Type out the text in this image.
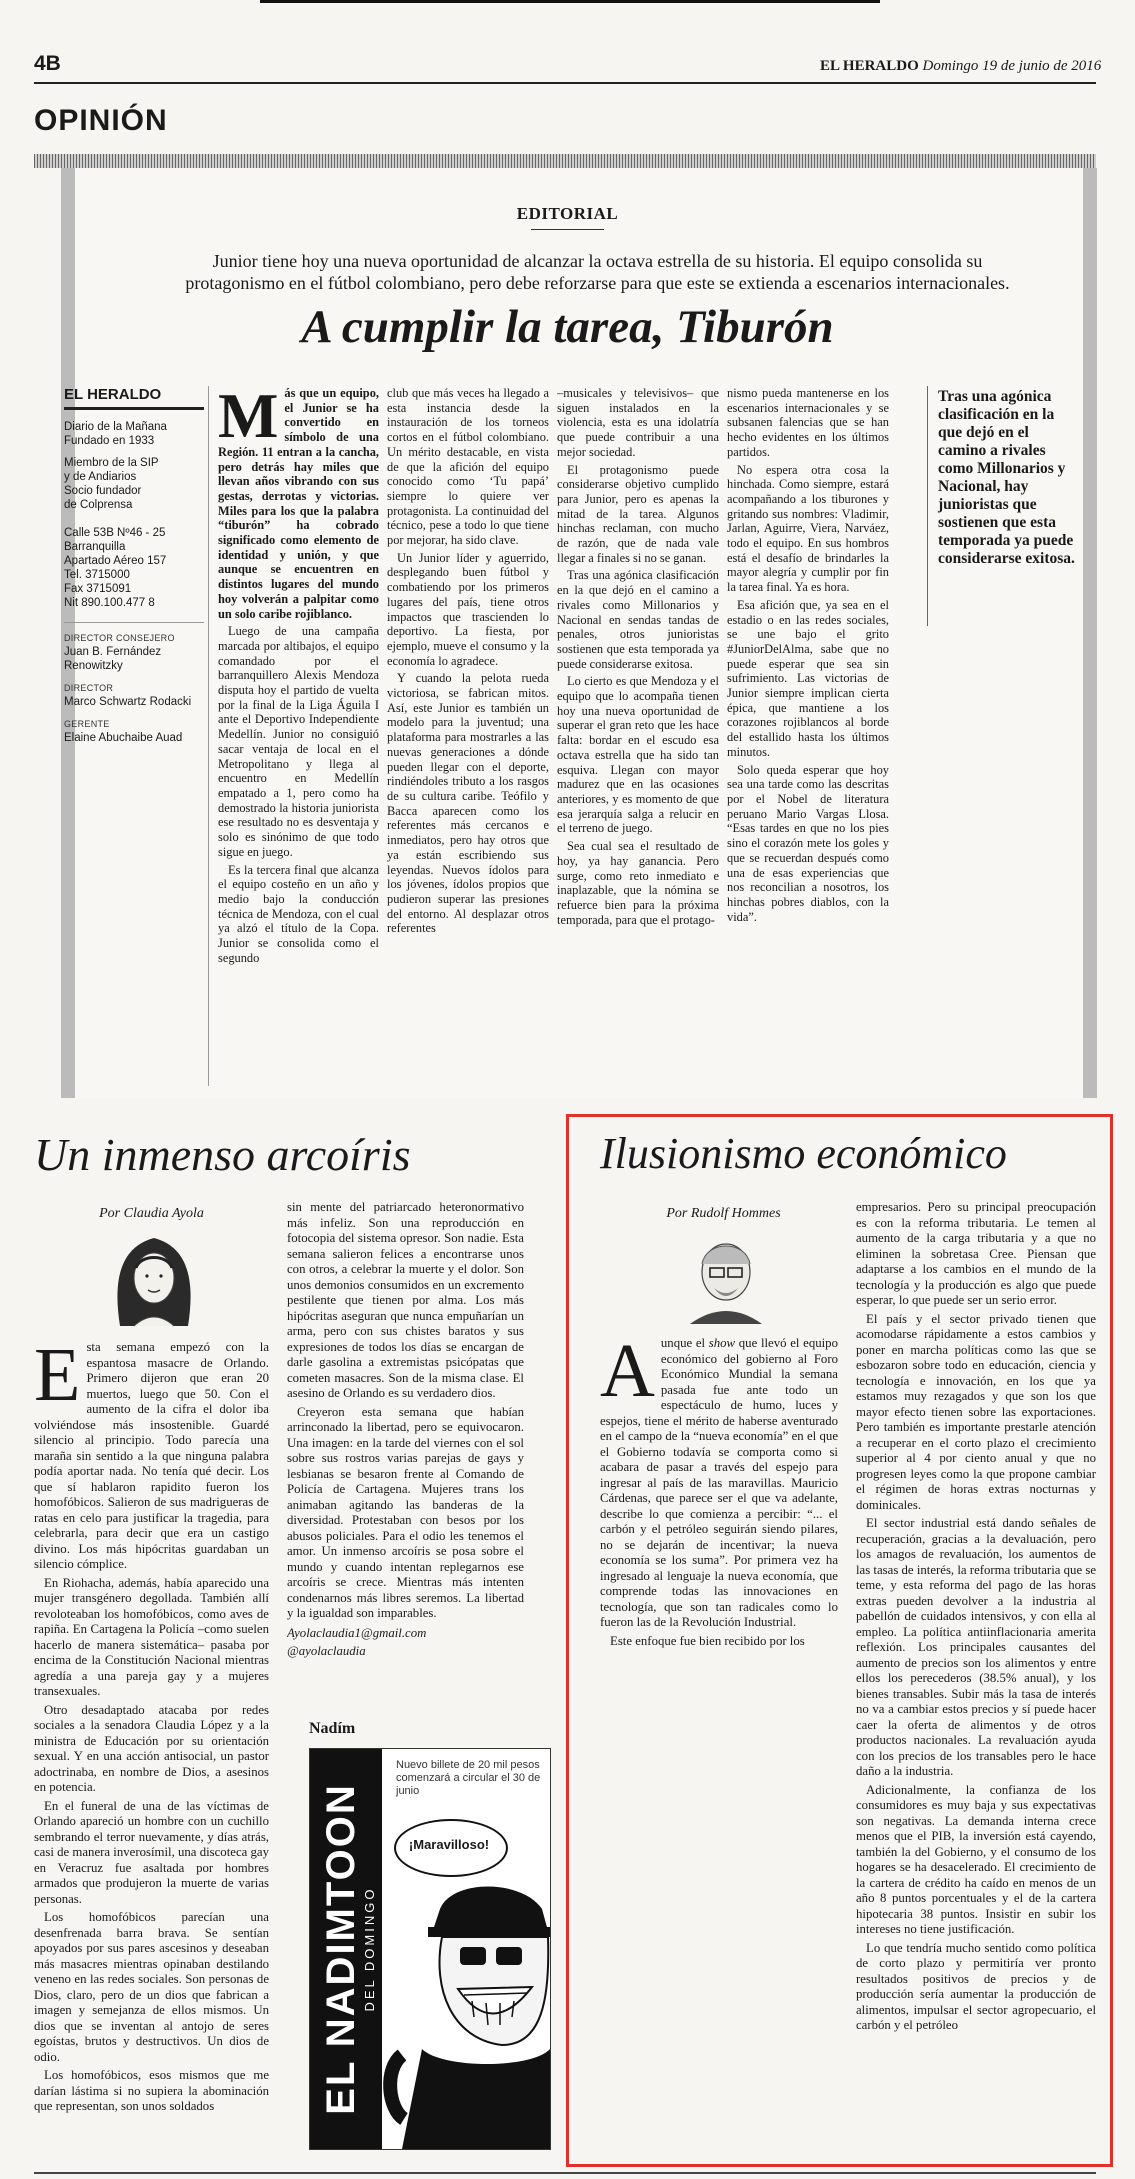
4B	EL HERALDO Domingo 19 de junio de 2016
OPINIÓN
EDITORIAL
Junior tiene hoy una nueva oportunidad de alcanzar la octava estrella de su historia. El equipo consolida su protagonismo en el fútbol colombiano, pero debe reforzarse para que este se extienda a escenarios internacionales.
A cumplir la tarea, Tiburón
EL HERALDO
Diario de la Mañana
Fundado en 1933
Miembro de la SIP
y de Andiarios
Socio fundador
de Colprensa
Calle 53B Nº46 - 25
Barranquilla
Apartado Aéreo 157
Tel. 3715000
Fax 3715091
Nit 890.100.477 8
DIRECTOR CONSEJERO
Juan B. Fernández Renowitzky
DIRECTOR
Marco Schwartz Rodacki
GERENTE
Elaine Abuchaibe Auad

Más que un equipo, el Junior se ha convertido en símbolo de una Región. 11 entran a la cancha, pero detrás hay miles que llevan años vibrando con sus gestas, derrotas y victorias. Miles para los que la palabra “tiburón” ha cobrado significado como elemento de identidad y unión, y que aunque se encuentren en distintos lugares del mundo hoy volverán a palpitar como un solo caribe rojiblanco.

Luego de una campaña marcada por altibajos, el equipo comandado por el barranquillero Alexis Mendoza disputa hoy el partido de vuelta por la final de la Liga Águila I ante el Deportivo Independiente Medellín. Junior no consiguió sacar ventaja de local en el Metropolitano y llega al encuentro en Medellín empatado a 1, pero como ha demostrado la historia juniorista ese resultado no es desventaja y solo es sinónimo de que todo sigue en juego.

Es la tercera final que alcanza el equipo costeño en un año y medio bajo la conducción técnica de Mendoza, con el cual ya alzó el título de la Copa. Junior se consolida como el segundo

club que más veces ha llegado a esta instancia desde la instauración de los torneos cortos en el fútbol colombiano. Un mérito destacable, en vista de que la afición del equipo conocido como ‘Tu papá’ siempre lo quiere ver protagonista. La continuidad del técnico, pese a todo lo que tiene por mejorar, ha sido clave.

Un Junior líder y aguerrido, desplegando buen fútbol y combatiendo por los primeros lugares del país, tiene otros impactos que trascienden lo deportivo. La fiesta, por ejemplo, mueve el consumo y la economía lo agradece.

Y cuando la pelota rueda victoriosa, se fabrican mitos. Así, este Junior es también un modelo para la juventud; una plataforma para mostrarles a las nuevas generaciones a dónde pueden llegar con el deporte, rindiéndoles tributo a los rasgos de su cultura caribe. Teófilo y Bacca aparecen como los referentes más cercanos e inmediatos, pero hay otros que ya están escribiendo sus leyendas. Nuevos ídolos para los jóvenes, ídolos propios que pudieron superar las presiones del entorno. Al desplazar otros referentes

–musicales y televisivos– que siguen instalados en la violencia, esta es una idolatría que puede contribuir a una mejor sociedad.

El protagonismo puede considerarse objetivo cumplido para Junior, pero es apenas la mitad de la tarea. Algunos hinchas reclaman, con mucho de razón, que de nada vale llegar a finales si no se ganan.

Tras una agónica clasificación en la que dejó en el camino a rivales como Millonarios y Nacional en sendas tandas de penales, otros junioristas sostienen que esta temporada ya puede considerarse exitosa.

Lo cierto es que Mendoza y el equipo que lo acompaña tienen hoy una nueva oportunidad de superar el gran reto que les hace falta: bordar en el escudo esa octava estrella que ha sido tan esquiva. Llegan con mayor madurez que en las ocasiones anteriores, y es momento de que esa jerarquía salga a relucir en el terreno de juego.

Sea cual sea el resultado de hoy, ya hay ganancia. Pero surge, como reto inmediato e inaplazable, que la nómina se refuerce bien para la próxima temporada, para que el protago-

nismo pueda mantenerse en los escenarios internacionales y se subsanen falencias que se han hecho evidentes en los últimos partidos.

No espera otra cosa la hinchada. Como siempre, estará acompañando a los tiburones y gritando sus nombres: Vladimir, Jarlan, Aguirre, Viera, Narváez, todo el equipo. En sus hombros está el desafío de brindarles la mayor alegría y cumplir por fin la tarea final. Ya es hora.

Esa afición que, ya sea en el estadio o en las redes sociales, se une bajo el grito #JuniorDelAlma, sabe que no puede esperar que sea sin sufrimiento. Las victorias de Junior siempre implican cierta épica, que mantiene a los corazones rojiblancos al borde del estallido hasta los últimos minutos.

Solo queda esperar que hoy sea una tarde como las descritas por el Nobel de literatura peruano Mario Vargas Llosa. “Esas tardes en que no los pies sino el corazón mete los goles y que se recuerdan después como una de esas experiencias que nos reconcilian a nosotros, los hinchas pobres diablos, con la vida”.

Tras una agónica clasificación en la que dejó en el camino a rivales como Millonarios y Nacional, hay junioristas que sostienen que esta temporada ya puede considerarse exitosa.
Un inmenso arcoíris
Por Claudia Ayola

Esta semana empezó con la espantosa masacre de Orlando. Primero dijeron que eran 20 muertos, luego que 50. Con el aumento de la cifra el dolor iba volviéndose más insostenible. Guardé silencio al principio. Todo parecía una maraña sin sentido a la que ninguna palabra podía aportar nada. No tenía qué decir. Los que sí hablaron rapidito fueron los homofóbicos. Salieron de sus madrigueras de ratas en celo para justificar la tragedia, para celebrarla, para decir que era un castigo divino. Los más hipócritas guardaban un silencio cómplice.

En Riohacha, además, había aparecido una mujer transgénero degollada. También allí revoloteaban los homofóbicos, como aves de rapiña. En Cartagena la Policía –como suelen hacerlo de manera sistemática– pasaba por encima de la Constitución Nacional mientras agredía a una pareja gay y a mujeres transexuales.

Otro desadaptado atacaba por redes sociales a la senadora Claudia López y a la ministra de Educación por su orientación sexual. Y en una acción antisocial, un pastor adoctrinaba, en nombre de Dios, a asesinos en potencia.

En el funeral de una de las víctimas de Orlando apareció un hombre con un cuchillo sembrando el terror nuevamente, y días atrás, casi de manera inverosímil, una discoteca gay en Veracruz fue asaltada por hombres armados que produjeron la muerte de varias personas.

Los homofóbicos parecían una desenfrenada barra brava. Se sentían apoyados por sus pares ascesinos y deseaban más masacres mientras opinaban destilando veneno en las redes sociales. Son personas de Dios, claro, pero de un dios que fabrican a imagen y semejanza de ellos mismos. Un dios que se inventan al antojo de seres egoístas, brutos y destructivos. Un dios de odio.

Los homofóbicos, esos mismos que me darían lástima si no supiera la abominación que representan, son unos soldados

sin mente del patriarcado heteronormativo más infeliz. Son una reproducción en fotocopia del sistema opresor. Son nadie. Esta semana salieron felices a encontrarse unos con otros, a celebrar la muerte y el dolor. Son unos demonios consumidos en un excremento pestilente que tienen por alma. Los más hipócritas aseguran que nunca empuñarían un arma, pero con sus chistes baratos y sus expresiones de todos los días se encargan de darle gasolina a extremistas psicópatas que cometen masacres. Son de la misma clase. El asesino de Orlando es su verdadero dios.

Creyeron esta semana que habían arrinconado la libertad, pero se equivocaron. Una imagen: en la tarde del viernes con el sol sobre sus rostros varias parejas de gays y lesbianas se besaron frente al Comando de Policía de Cartagena. Mujeres trans los animaban agitando las banderas de la diversidad. Protestaban con besos por los abusos policiales. Para el odio les tenemos el amor. Un inmenso arcoíris se posa sobre el mundo y cuando intentan replegarnos ese arcoíris se crece. Mientras más intenten condenarnos más libres seremos. La libertad y la igualdad son imparables.

Ayolaclaudia1@gmail.com

@ayolaclaudia

Nadím
EL NADIMTOON DEL DOMINGO
Nuevo billete de 20 mil pesos comenzará a circular el 30 de junio
¡Maravilloso!
Ilusionismo económico
Por Rudolf Hommes

Aunque el show que llevó el equipo económico del gobierno al Foro Económico Mundial la semana pasada fue ante todo un espectáculo de humo, luces y espejos, tiene el mérito de haberse aventurado en el campo de la “nueva economía” en el que el Gobierno todavía se comporta como si acabara de pasar a través del espejo para ingresar al país de las maravillas. Mauricio Cárdenas, que parece ser el que va adelante, describe lo que comienza a percibir: “... el carbón y el petróleo seguirán siendo pilares, no se dejarán de incentivar; la nueva economía se los suma”. Por primera vez ha ingresado al lenguaje la nueva economía, que comprende todas las innovaciones en tecnología, que son tan radicales como lo fueron las de la Revolución Industrial.

Este enfoque fue bien recibido por los

empresarios. Pero su principal preocupación es con la reforma tributaria. Le temen al aumento de la carga tributaria y a que no eliminen la sobretasa Cree. Piensan que adaptarse a los cambios en el mundo de la tecnología y la producción es algo que puede esperar, lo que puede ser un serio error.

El país y el sector privado tienen que acomodarse rápidamente a estos cambios y poner en marcha políticas como las que se esbozaron sobre todo en educación, ciencia y tecnología e innovación, en los que ya estamos muy rezagados y que son los que mayor efecto tienen sobre las exportaciones. Pero también es importante prestarle atención a recuperar en el corto plazo el crecimiento superior al 4 por ciento anual y que no progresen leyes como la que propone cambiar el régimen de horas extras nocturnas y dominicales.

El sector industrial está dando señales de recuperación, gracias a la devaluación, pero los amagos de revaluación, los aumentos de las tasas de interés, la reforma tributaria que se teme, y esta reforma del pago de las horas extras pueden devolver a la industria al pabellón de cuidados intensivos, y con ella al empleo. La política antiinflacionaria amerita reflexión. Los principales causantes del aumento de precios son los alimentos y entre ellos los perecederos (38.5% anual), y los bienes transables. Subir más la tasa de interés no va a cambiar estos precios y sí puede hacer caer la oferta de alimentos y de otros productos nacionales. La revaluación ayuda con los precios de los transables pero le hace daño a la industria.

Adicionalmente, la confianza de los consumidores es muy baja y sus expectativas son negativas. La demanda interna crece menos que el PIB, la inversión está cayendo, también la del Gobierno, y el consumo de los hogares se ha desacelerado. El crecimiento de la cartera de crédito ha caído en menos de un año 8 puntos porcentuales y el de la cartera hipotecaria 38 puntos. Insistir en subir los intereses no tiene justificación.

Lo que tendría mucho sentido como política de corto plazo y permitiría ver pronto resultados positivos de precios y de producción sería aumentar la producción de alimentos, impulsar el sector agropecuario, el carbón y el petróleo
